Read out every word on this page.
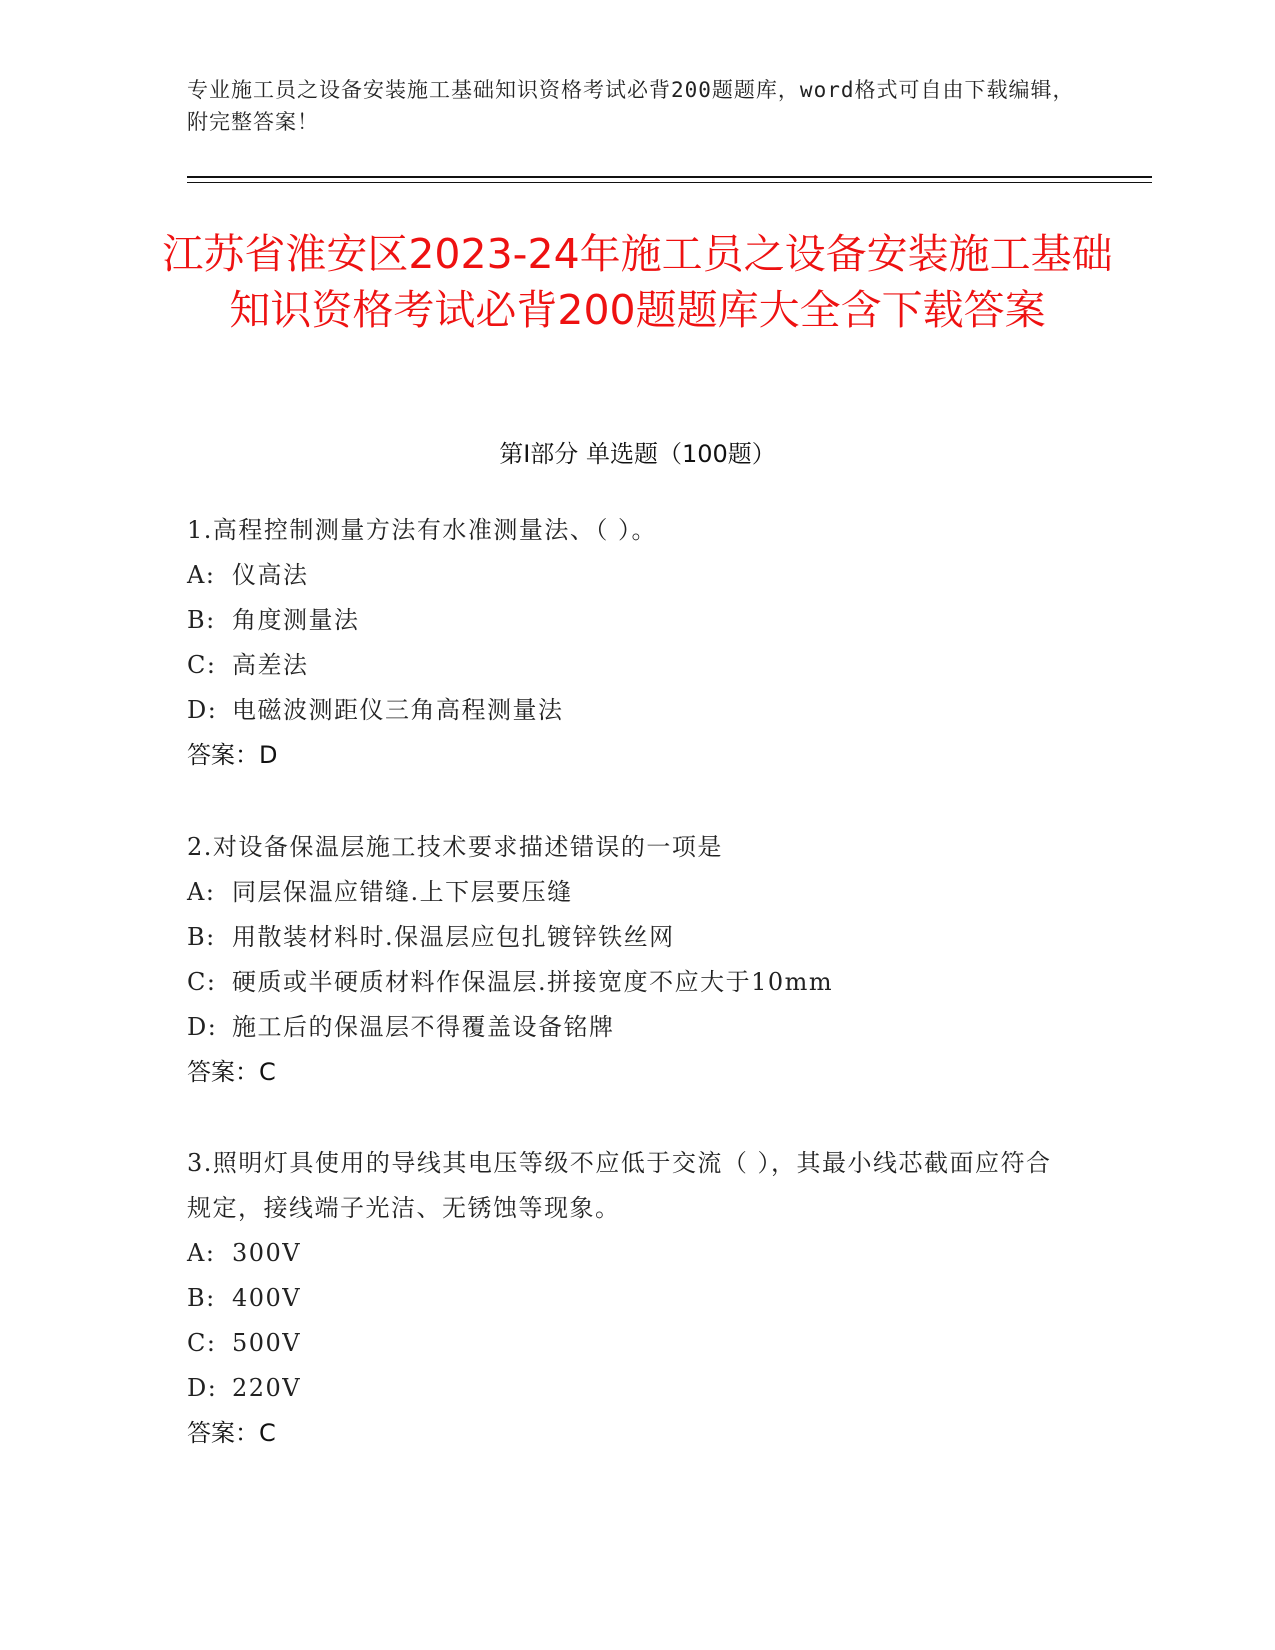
专业施工员之设备安装施工基础知识资格考试必背200题题库，word格式可自由下载编辑，附完整答案！
江苏省淮安区2023-24年施工员之设备安装施工基础知识资格考试必背200题题库大全含下载答案
第Ⅰ部分 单选题（100题）
1.高程控制测量方法有水准测量法、（ ）。
A: 仪高法
B: 角度测量法
C: 高差法
D: 电磁波测距仪三角高程测量法
答案：D
2.对设备保温层施工技术要求描述错误的一项是
A: 同层保温应错缝.上下层要压缝
B: 用散装材料时.保温层应包扎镀锌铁丝网
C: 硬质或半硬质材料作保温层.拼接宽度不应大于10mm
D: 施工后的保温层不得覆盖设备铭牌
答案：C
3.照明灯具使用的导线其电压等级不应低于交流（ ），其最小线芯截面应符合规定，接线端子光洁、无锈蚀等现象。
A: 300V
B: 400V
C: 500V
D: 220V
答案：C
